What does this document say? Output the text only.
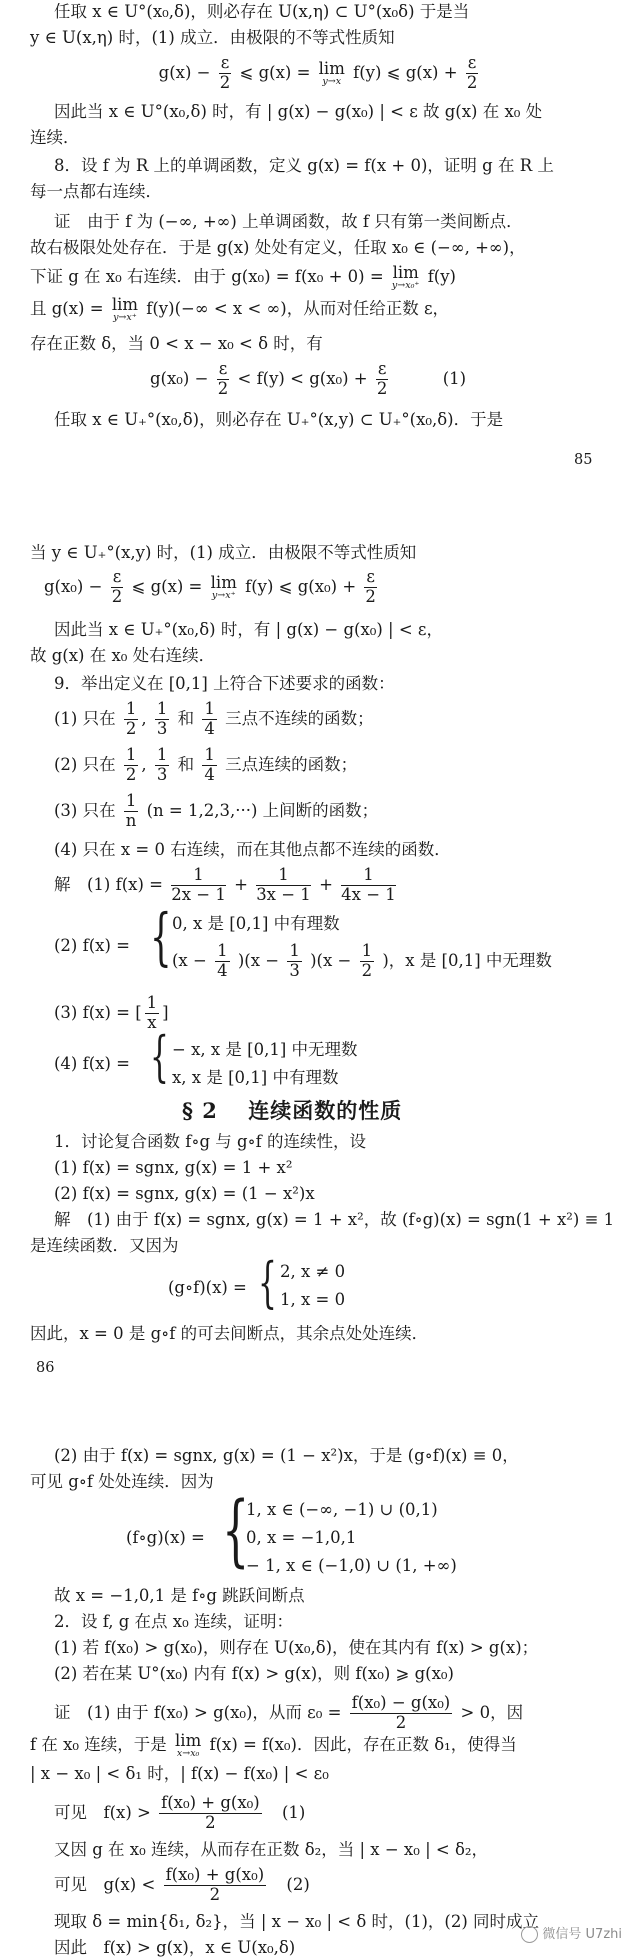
任取 x ∈ U°(x₀,δ)，则必存在 U(x,η) ⊂ U°(x₀δ) 于是当
y ∈ U(x,η) 时，(1) 成立．由极限的不等式性质知
$g(x) - \frac{\varepsilon}{2}$ ⩽ g(x) = lim
y→x f(y) ⩽ $g(x) + \frac{\varepsilon}{2}$
因此当 x ∈ U°(x₀,δ) 时，有 | g(x) − g(x₀) | < ε 故 g(x) 在 x₀ 处
连续．
8．设 f 为 R 上的单调函数，定义 g(x) = f(x + 0)，证明 g 在 R 上
每一点都右连续．
证　由于 f 为 (−∞, +∞) 上单调函数，故 f 只有第一类间断点．
故右极限处处存在．于是 g(x) 处处有定义，任取 x₀ ∈ (−∞, +∞)，
下证 g 在 x₀ 右连续．由于 g(x₀) = f(x₀ + 0) = lim
y→x₀⁺ f(y)
且 g(x) = lim
y→x⁺ f(y)(−∞ < x < ∞)，从而对任给正数 ε，
存在正数 δ，当 0 < x − x₀ < δ 时，有
$g(x_0) - \frac{\varepsilon}{2} < f(y) < g(x_0) + \frac{\varepsilon}{2}$	(1)
任取 x ∈ U₊°(x₀,δ)，则必存在 U₊°(x,y) ⊂ U₊°(x₀,δ)．于是
85
当 y ∈ U₊°(x,y) 时，(1) 成立．由极限不等式性质知
$g(x_0) - \frac{\varepsilon}{2}$ ⩽ g(x) = lim
y→x⁺ f(y) ⩽ $g(x_0) + \frac{\varepsilon}{2}$
因此当 x ∈ U₊°(x₀,δ) 时，有 | g(x) − g(x₀) | < ε，
故 g(x) 在 x₀ 处右连续．
9．举出定义在 [0,1] 上符合下述要求的函数：
(1) 只在 $\frac{1}{2}$ , $\frac{1}{3}$ 和 $\frac{1}{4}$ 三点不连续的函数；
(2) 只在 $\frac{1}{2}$ , $\frac{1}{3}$ 和 $\frac{1}{4}$ 三点连续的函数；
(3) 只在 $\frac{1}{n} (n = 1,2,3,\cdot\cdot\cdot)$ 上间断的函数；
(4) 只在 x = 0 右连续，而在其他点都不连续的函数．
解　(1) $f(x) = \frac{1}{2x - 1} + \frac{1}{3x - 1} + \frac{1}{4x - 1}$
(2) f(x) = { 0, x 是 [0,1] 中有理数
$(x - \frac{1}{4} )(x - \frac{1}{3} )(x - \frac{1}{2}$ )，x 是 [0,1] 中无理数
(3) f(x) = [ $\frac{1}{x}$ ]
(4) f(x) = { − x, x 是 [0,1] 中无理数
x, x 是 [0,1] 中有理数
§ 2 连续函数的性质
1．讨论复合函数 f∘g 与 g∘f 的连续性，设
(1) f(x) = sgnx, g(x) = 1 + x²
(2) f(x) = sgnx, g(x) = (1 − x²)x
解　(1) 由于 f(x) = sgnx, g(x) = 1 + x²，故 (f∘g)(x) = sgn(1 + x²) ≡ 1
是连续函数．又因为
(g∘f)(x) = { 2, x ≠ 0
1, x = 0
因此，x = 0 是 g∘f 的可去间断点，其余点处处连续．
86
(2) 由于 f(x) = sgnx, g(x) = (1 − x²)x，于是 (g∘f)(x) ≡ 0，
可见 g∘f 处处连续．因为
(f∘g)(x) = {
1, x ∈ (−∞, −1) ∪ (0,1)
0, x = −1,0,1
− 1, x ∈ (−1,0) ∪ (1, +∞)
故 x = −1,0,1 是 f∘g 跳跃间断点
2．设 f, g 在点 x₀ 连续，证明：
(1) 若 f(x₀) > g(x₀)，则存在 U(x₀,δ)，使在其内有 f(x) > g(x)；
(2) 若在某 U°(x₀) 内有 f(x) > g(x)，则 f(x₀) ⩾ g(x₀)
证　(1) 由于 f(x₀) > g(x₀)，从而 $\varepsilon_0 = \frac{\text{f(x₀) − g(x₀)}}{2} > 0$，因
f 在 x₀ 连续，于是 lim
x→x₀ f(x) = f(x₀)．因此，存在正数 δ₁，使得当
| x − x₀ | < δ₁ 时，| f(x) − f(x₀) | < ε₀
可见　$f(x) > \frac{\text{f(x₀) + g(x₀)}}{2} (1)$
又因 g 在 x₀ 连续，从而存在正数 δ₂，当 | x − x₀ | < δ₂，
可见　$g(x) < \frac{\text{f(x₀) + g(x₀)}}{2} (2)$
现取 δ = min{δ₁, δ₂}，当 | x − x₀ | < δ 时，(1)，(2) 同时成立
因此　f(x) > g(x)，x ∈ U(x₀,δ)
微信号 U7zhi
